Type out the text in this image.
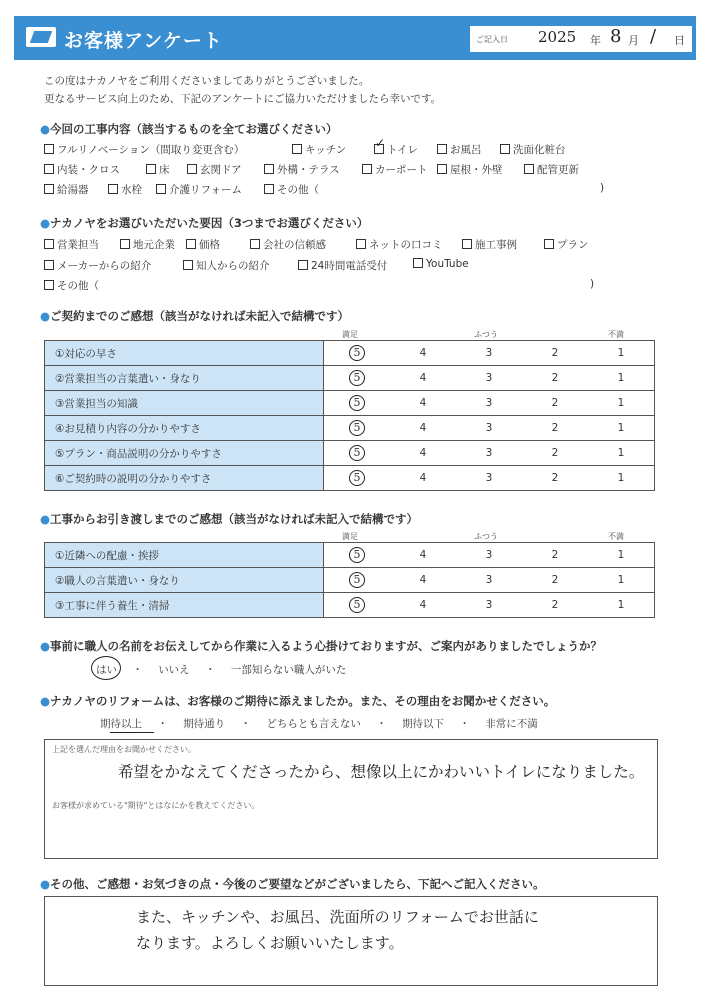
お客様アンケート	ご記入日 2025 年 8 月 / 日
この度はナカノヤをご利用くださいましてありがとうございました。
更なるサービス向上のため、下記のアンケートにご協力いただけましたら幸いです。
●今回の工事内容（該当するものを全てお選びください）
フルリノベーション（間取り変更含む）	キッチン	トイレ
✓	お風呂	洗面化粧台
内装・クロス	床	玄関ドア	外構・テラス	カーポート	屋根・外壁	配管更新
給湯器	水栓	介護リフォーム	その他（
●ナカノヤをお選びいただいた要因（3つまでお選びください）
営業担当	地元企業	価格	会社の信頼感	ネットの口コミ	施工事例	プラン
メーカーからの紹介	知人からの紹介	24時間電話受付	YouTube
その他（
●ご契約までのご感想（該当がなければ未記入で結構です）
満足	ふつう	不満
①対応の早さ	5	4	3	2	1
②営業担当の言葉遣い・身なり	5	4	3	2	1
③営業担当の知識	5	4	3	2	1
④お見積り内容の分かりやすさ	5	4	3	2	1
⑤プラン・商品説明の分かりやすさ	5	4	3	2	1
⑥ご契約時の説明の分かりやすさ	5	4	3	2	1
●工事からお引き渡しまでのご感想（該当がなければ未記入で結構です）
満足	ふつう	不満
①近隣への配慮・挨拶	5	4	3	2	1
②職人の言葉遣い・身なり	5	4	3	2	1
③工事に伴う養生・清掃	5	4	3	2	1
●事前に職人の名前をお伝えしてから作業に入るよう心掛けておりますが、ご案内がありましたでしょうか？
はい ・ いいえ ・ 一部知らない職人がいた
●ナカノヤのリフォームは、お客様のご期待に添えましたか。また、その理由をお聞かせください。
期待以上 ・ 期待通り ・ どちらとも言えない ・ 期待以下 ・ 非常に不満
上記を選んだ理由をお聞かせください。
希望をかなえてくださったから、想像以上にかわいいトイレになりました。
お客様が求めている"期待"とはなにかを教えてください。
●その他、ご感想・お気づきの点・今後のご要望などがございましたら、下記へご記入ください。
また、キッチンや、お風呂、洗面所のリフォームでお世話に
なります。よろしくお願いいたします。
)
)
